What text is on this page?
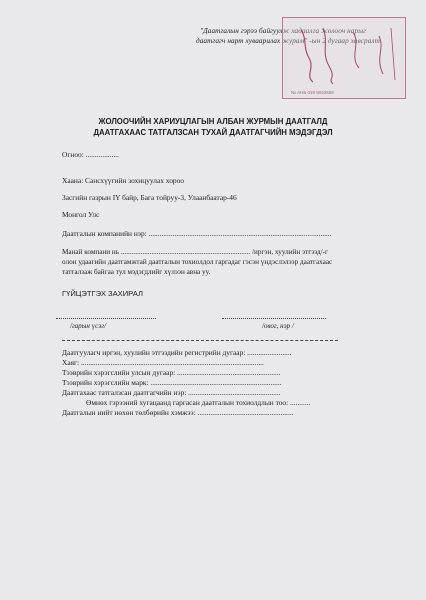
"Даатгалын гэрээ байгуулж хадаалга жолооч нарыг
даатгагч нарт хуваарилах журам" -ын 2 дугаар хавсралт
№ АНБ 019 8043558
ЖОЛООЧИЙН ХАРИУЦЛАГЫН АЛБАН ЖУРМЫН ДААТГАЛД
ДААТГАХААС ТАТГАЛЗСАН ТУХАЙ ДААТГАГЧИЙН МЭДЭГДЭЛ
Огноо: ..................
Хаана: Сансхүүгийн зохицуулах хороо
Засгийн газрын IY байр, Бага тойруу-3, Улаанбаатар-46
Монгол Улс
Даатгалын компанийн нэр: ...................................................................................................
Манай компани нь ........................................................................ /иргэн, хуулийн этгээд/-г
олон удаагийн даатгамжтай даатгалын тохиолдол гаргадаг гэсэн үндэслэлээр даатгахаас
татгалзаж байгаа тул мэдэгдлийг хүлээн авна уу.
ГҮЙЦЭТГЭХ ЗАХИРАЛ
/гарын үсэг/	/овог, нэр /
Даатгуулагч иргэн, хуулийн этгээдийн регистрийн дугаар: ........................
Хаяг: ...................................................................................................
Тээврийн хэрэгслийн улсын дугаар: ........................................................
Тээврийн хэрэгслийн марк: .......................................................................
Даатгахаас татгалзсан даатгагчийн нэр: ..................................................
Өмнөх гэрээний хугацаанд гаргасан даатгалын тохиолдлын тоо: ...........
Даатгалын нийт нөхөн төлбөрийн хэмжээ: ....................................................
